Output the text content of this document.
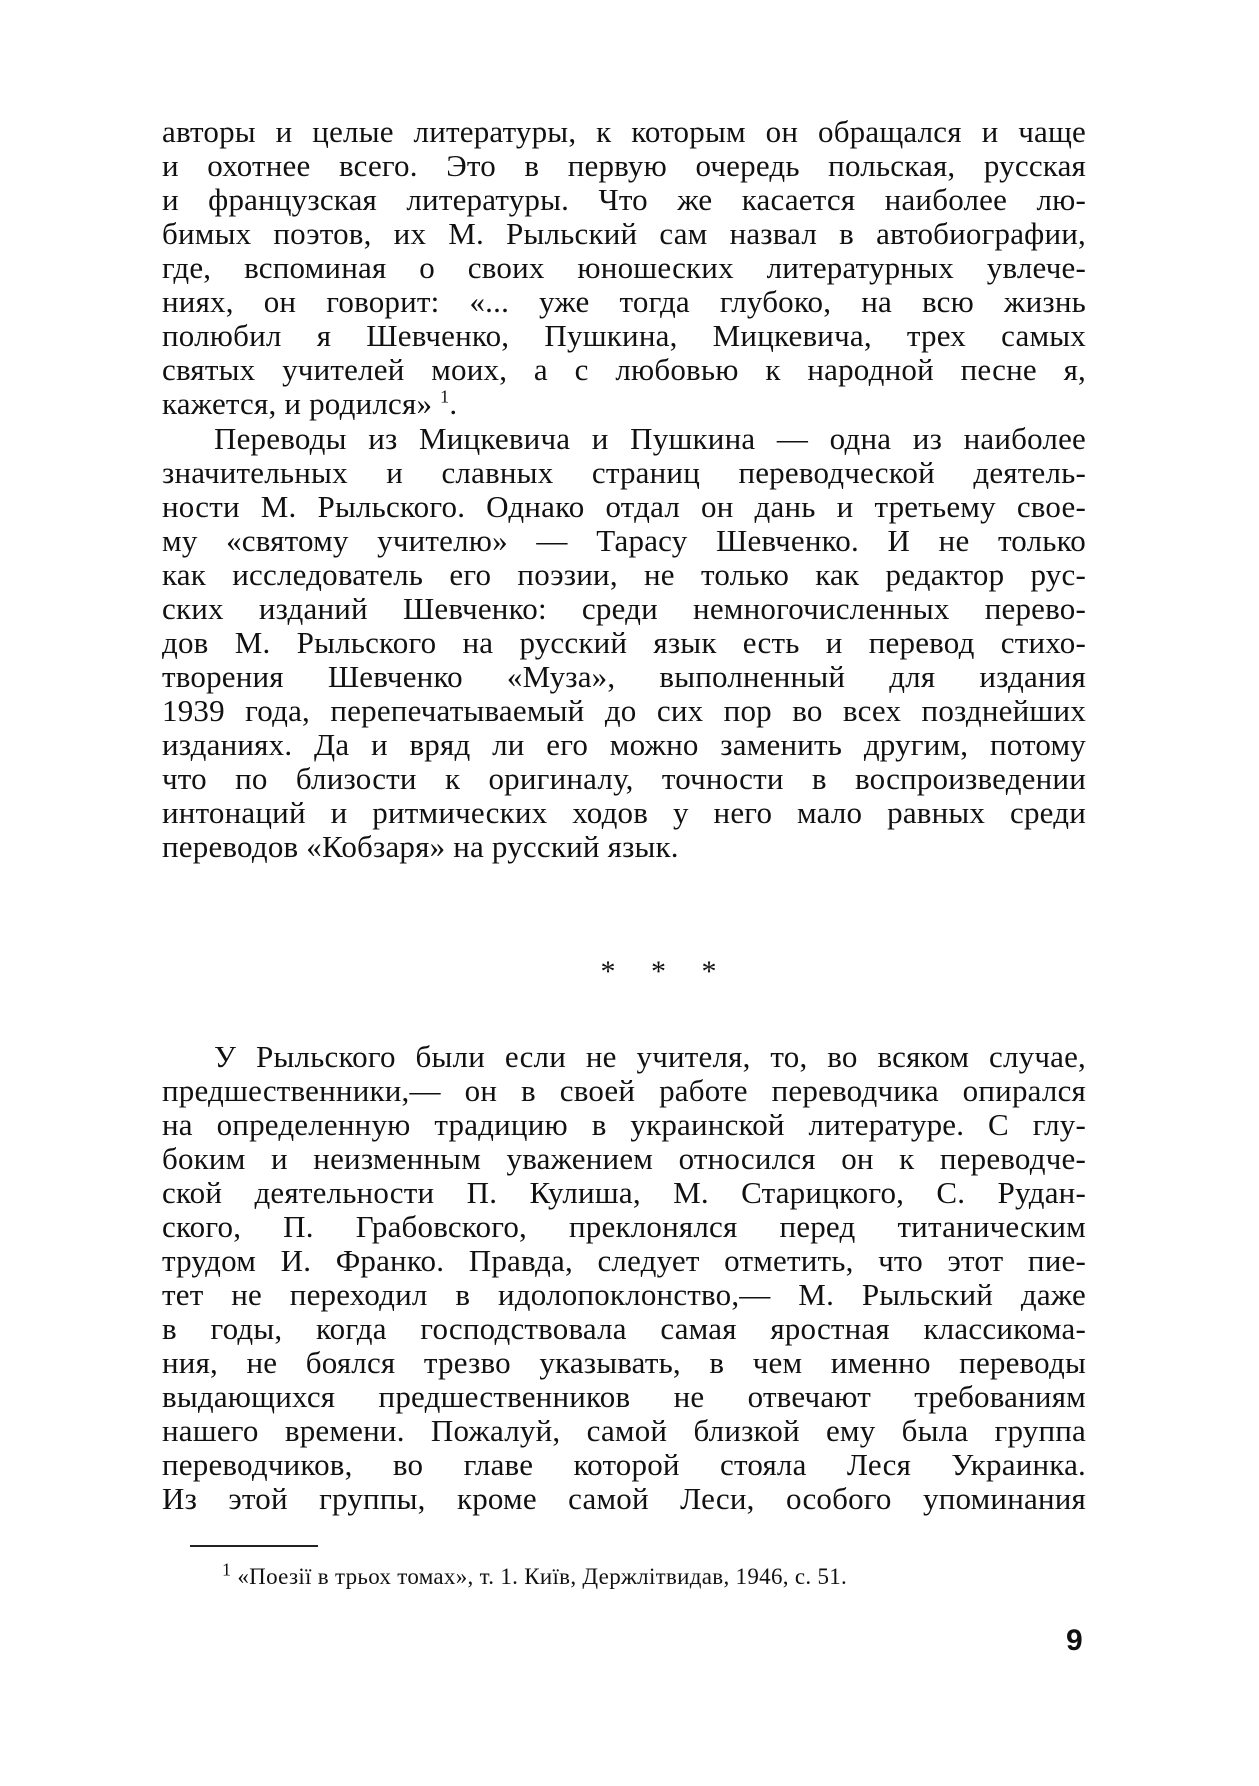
авторы и целые литературы, к которым он обращался и чаще
и охотнее всего. Это в первую очередь польская, русская
и французская литературы. Что же касается наиболее лю-
бимых поэтов, их М. Рыльский сам назвал в автобиографии,
где, вспоминая о своих юношеских литературных увлече-
ниях, он говорит: «... уже тогда глубоко, на всю жизнь
полюбил я Шевченко, Пушкина, Мицкевича, трех самых
святых учителей моих, а с любовью к народной песне я,
кажется, и родился» $^1$.
Переводы из Мицкевича и Пушкина — одна из наиболее
значительных и славных страниц переводческой деятель-
ности М. Рыльского. Однако отдал он дань и третьему свое-
му «святому учителю» — Тарасу Шевченко. И не только
как исследователь его поэзии, не только как редактор рус-
ских изданий Шевченко: среди немногочисленных перево-
дов М. Рыльского на русский язык есть и перевод стихо-
творения Шевченко «Муза», выполненный для издания
1939 года, перепечатываемый до сих пор во всех позднейших
изданиях. Да и вряд ли его можно заменить другим, потому
что по близости к оригиналу, точности в воспроизведении
интонаций и ритмических ходов у него мало равных среди
переводов «Кобзаря» на русский язык.
* * *
У Рыльского были если не учителя, то, во всяком случае,
предшественники,— он в своей работе переводчика опирался
на определенную традицию в украинской литературе. С глу-
боким и неизменным уважением относился он к переводче-
ской деятельности П. Кулиша, М. Старицкого, С. Рудан-
ского, П. Грабовского, преклонялся перед титаническим
трудом И. Франко. Правда, следует отметить, что этот пие-
тет не переходил в идолопоклонство,— М. Рыльский даже
в годы, когда господствовала самая яростная классикома-
ния, не боялся трезво указывать, в чем именно переводы
выдающихся предшественников не отвечают требованиям
нашего времени. Пожалуй, самой близкой ему была группа
переводчиков, во главе которой стояла Леся Украинка.
Из этой группы, кроме самой Леси, особого упоминания
$^1$ «Поезії в трьох томах», т. 1. Київ, Держлітвидав, 1946, с. 51.
9
